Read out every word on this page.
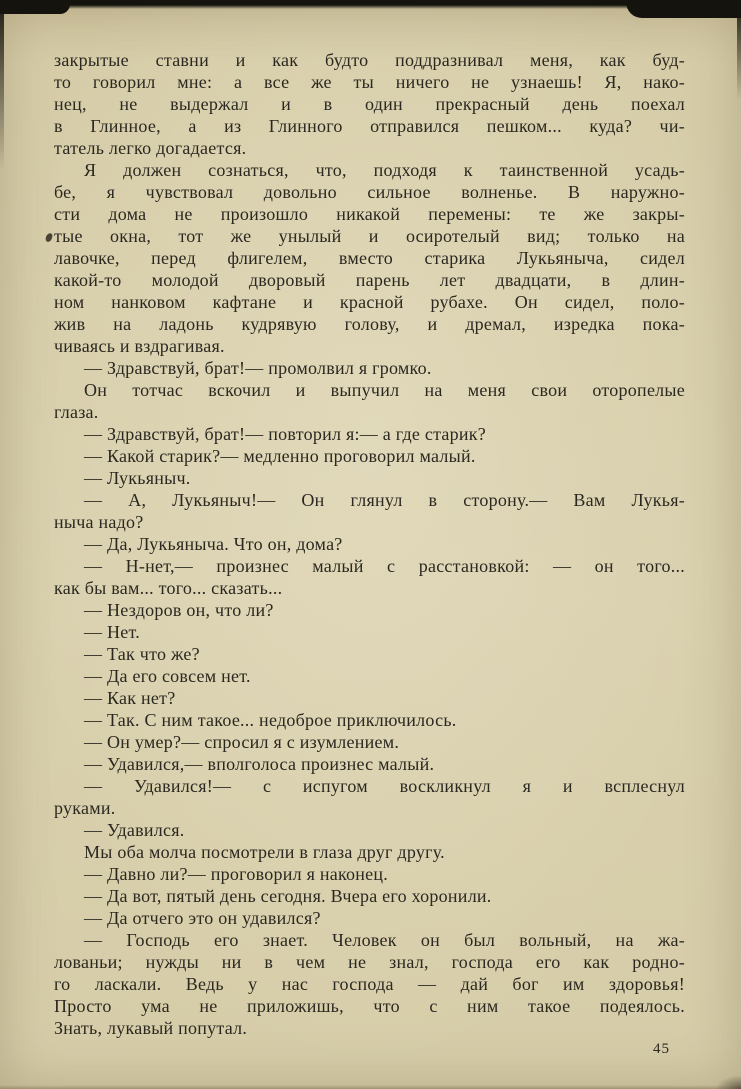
закрытые ставни и как будто поддразнивал меня, как буд-
то говорил мне: а все же ты ничего не узнаешь! Я, нако-
нец, не выдержал и в один прекрасный день поехал
в Глинное, а из Глинного отправился пешком... куда? чи-
татель легко догадается.
Я должен сознаться, что, подходя к таинственной усадь-
бе, я чувствовал довольно сильное волненье. В наружно-
сти дома не произошло никакой перемены: те же закры-
тые окна, тот же унылый и осиротелый вид; только на
лавочке, перед флигелем, вместо старика Лукьяныча, сидел
какой-то молодой дворовый парень лет двадцати, в длин-
ном нанковом кафтане и красной рубахе. Он сидел, поло-
жив на ладонь кудрявую голову, и дремал, изредка пока-
чиваясь и вздрагивая.
— Здравствуй, брат!— промолвил я громко.
Он тотчас вскочил и выпучил на меня свои оторопелые
глаза.
— Здравствуй, брат!— повторил я:— а где старик?
— Какой старик?— медленно проговорил малый.
— Лукьяныч.
— А, Лукьяныч!— Он глянул в сторону.— Вам Лукья-
ныча надо?
— Да, Лукьяныча. Что он, дома?
— Н-нет,— произнес малый с расстановкой: — он того...
как бы вам... того... сказать...
— Нездоров он, что ли?
— Нет.
— Так что же?
— Да его совсем нет.
— Как нет?
— Так. С ним такое... недоброе приключилось.
— Он умер?— спросил я с изумлением.
— Удавился,— вполголоса произнес малый.
— Удавился!— с испугом воскликнул я и всплеснул
руками.
— Удавился.
Мы оба молча посмотрели в глаза друг другу.
— Давно ли?— проговорил я наконец.
— Да вот, пятый день сегодня. Вчера его хоронили.
— Да отчего это он удавился?
— Господь его знает. Человек он был вольный, на жа-
лованьи; нужды ни в чем не знал, господа его как родно-
го ласкали. Ведь у нас господа — дай бог им здоровья!
Просто ума не приложишь, что с ним такое подеялось.
Знать, лукавый попутал.
45
